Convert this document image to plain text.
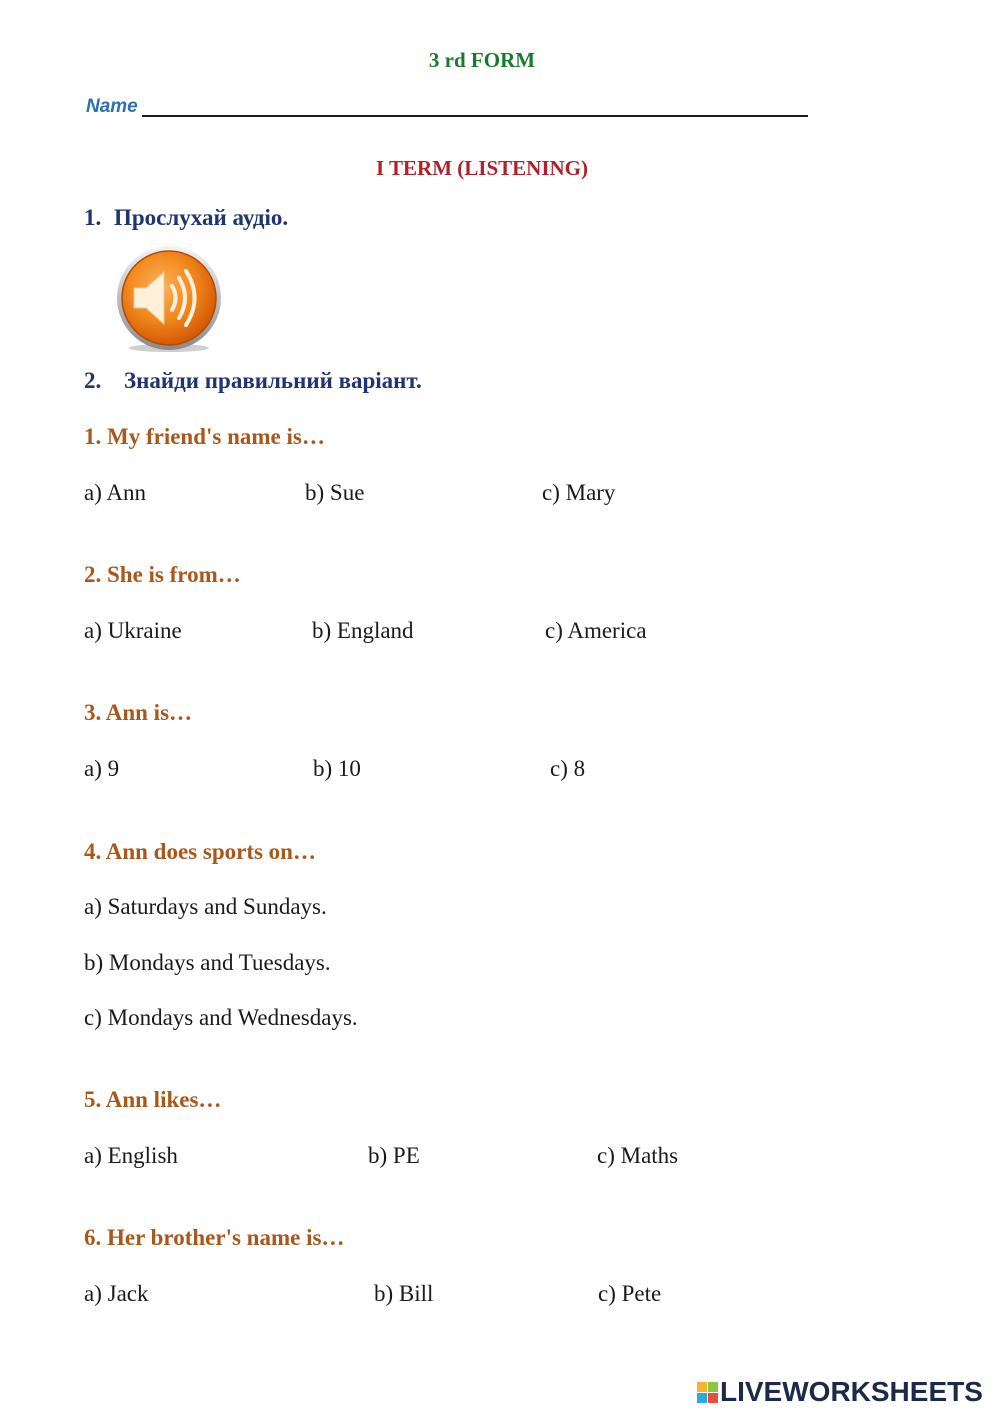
3 rd FORM
Name
I TERM (LISTENING)
1. Прослухай аудіо.
2. Знайди правильний варіант.
1. My friend's name is…
a) Ann	b) Sue	c) Mary
2. She is from…
a) Ukraine	b) England	c) America
3. Ann is…
a) 9	b) 10	c) 8
4. Ann does sports on…
a) Saturdays and Sundays.
b) Mondays and Tuesdays.
c) Mondays and Wednesdays.
5. Ann likes…
a) English	b) PE	c) Maths
6. Her brother's name is…
a) Jack	b) Bill	c) Pete
LIVEWORKSHEETS
